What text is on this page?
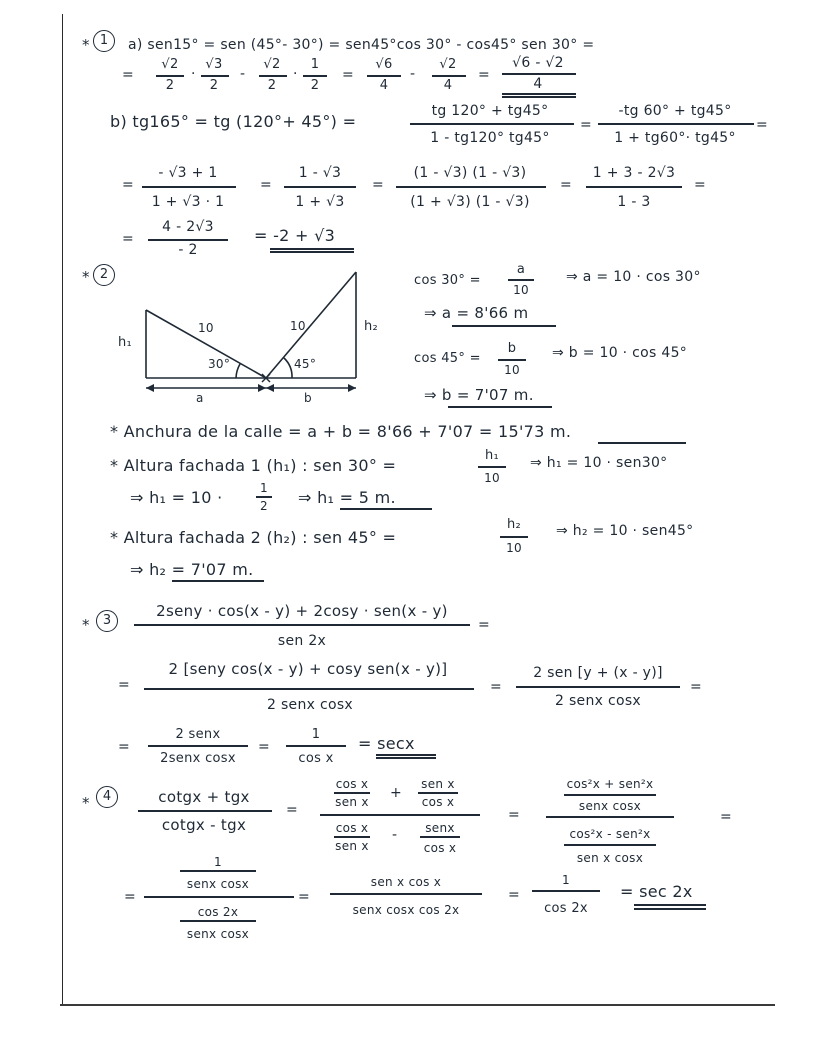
* 1	a) sen15° = sen (45°- 30°) = sen45°cos 30° - cos45° sen 30° =
=
√2
2
·
√3
2
-
√2
2
·
1
2
=
√6
4
-
√2
4
=
√6 - √2
4
b) tg165° = tg (120°+ 45°) =
tg 120° + tg45°
1 - tg120° tg45°
=
-tg 60° + tg45°
1 + tg60°· tg45°
=
=
- √3 + 1
1 + √3 · 1
=
1 - √3
1 + √3
=
(1 - √3) (1 - √3)
(1 + √3) (1 - √3)
=
1 + 3 - 2√3
1 - 3
=
=
4 - 2√3
- 2
= -2 + √3
* 2
h₁
h₂
10	10
30°	45°
a	b
cos 30° =
a
10
⇒ a = 10 · cos 30°
⇒ a = 8'66 m
cos 45° =
b
10
⇒ b = 10 · cos 45°
⇒ b = 7'07 m.
* Anchura de la calle = a + b = 8'66 + 7'07 = 15'73 m.
* Altura fachada 1 (h₁) : sen 30° =
h₁
10
⇒ h₁ = 10 · sen30°
⇒ h₁ = 10 ·	1
2 ⇒ h₁ = 5 m.
* Altura fachada 2 (h₂) : sen 45° =
h₂
10
⇒ h₂ = 10 · sen45°
⇒ h₂ = 7'07 m.
*	3
2seny · cos(x - y) + 2cosy · sen(x - y)
sen 2x
=
=
2 [seny cos(x - y) + cosy sen(x - y)]
2 senx cosx
=
2 sen [y + (x - y)]
2 senx cosx
=
=
2 senx
2senx cosx
=
1
cos x
= secx
*	4	cotgx + tgx
cotgx - tgx
=
cos x
sen x
+
sen x
cos x
cos x
sen x
- senx
cos x
=
cos²x + sen²x
senx cosx
cos²x - sen²x
sen x cosx
=
1
senx cosx
=
cos 2x
senx cosx
=
sen x cos x
senx cosx cos 2x
=
1
cos 2x
= sec 2x
